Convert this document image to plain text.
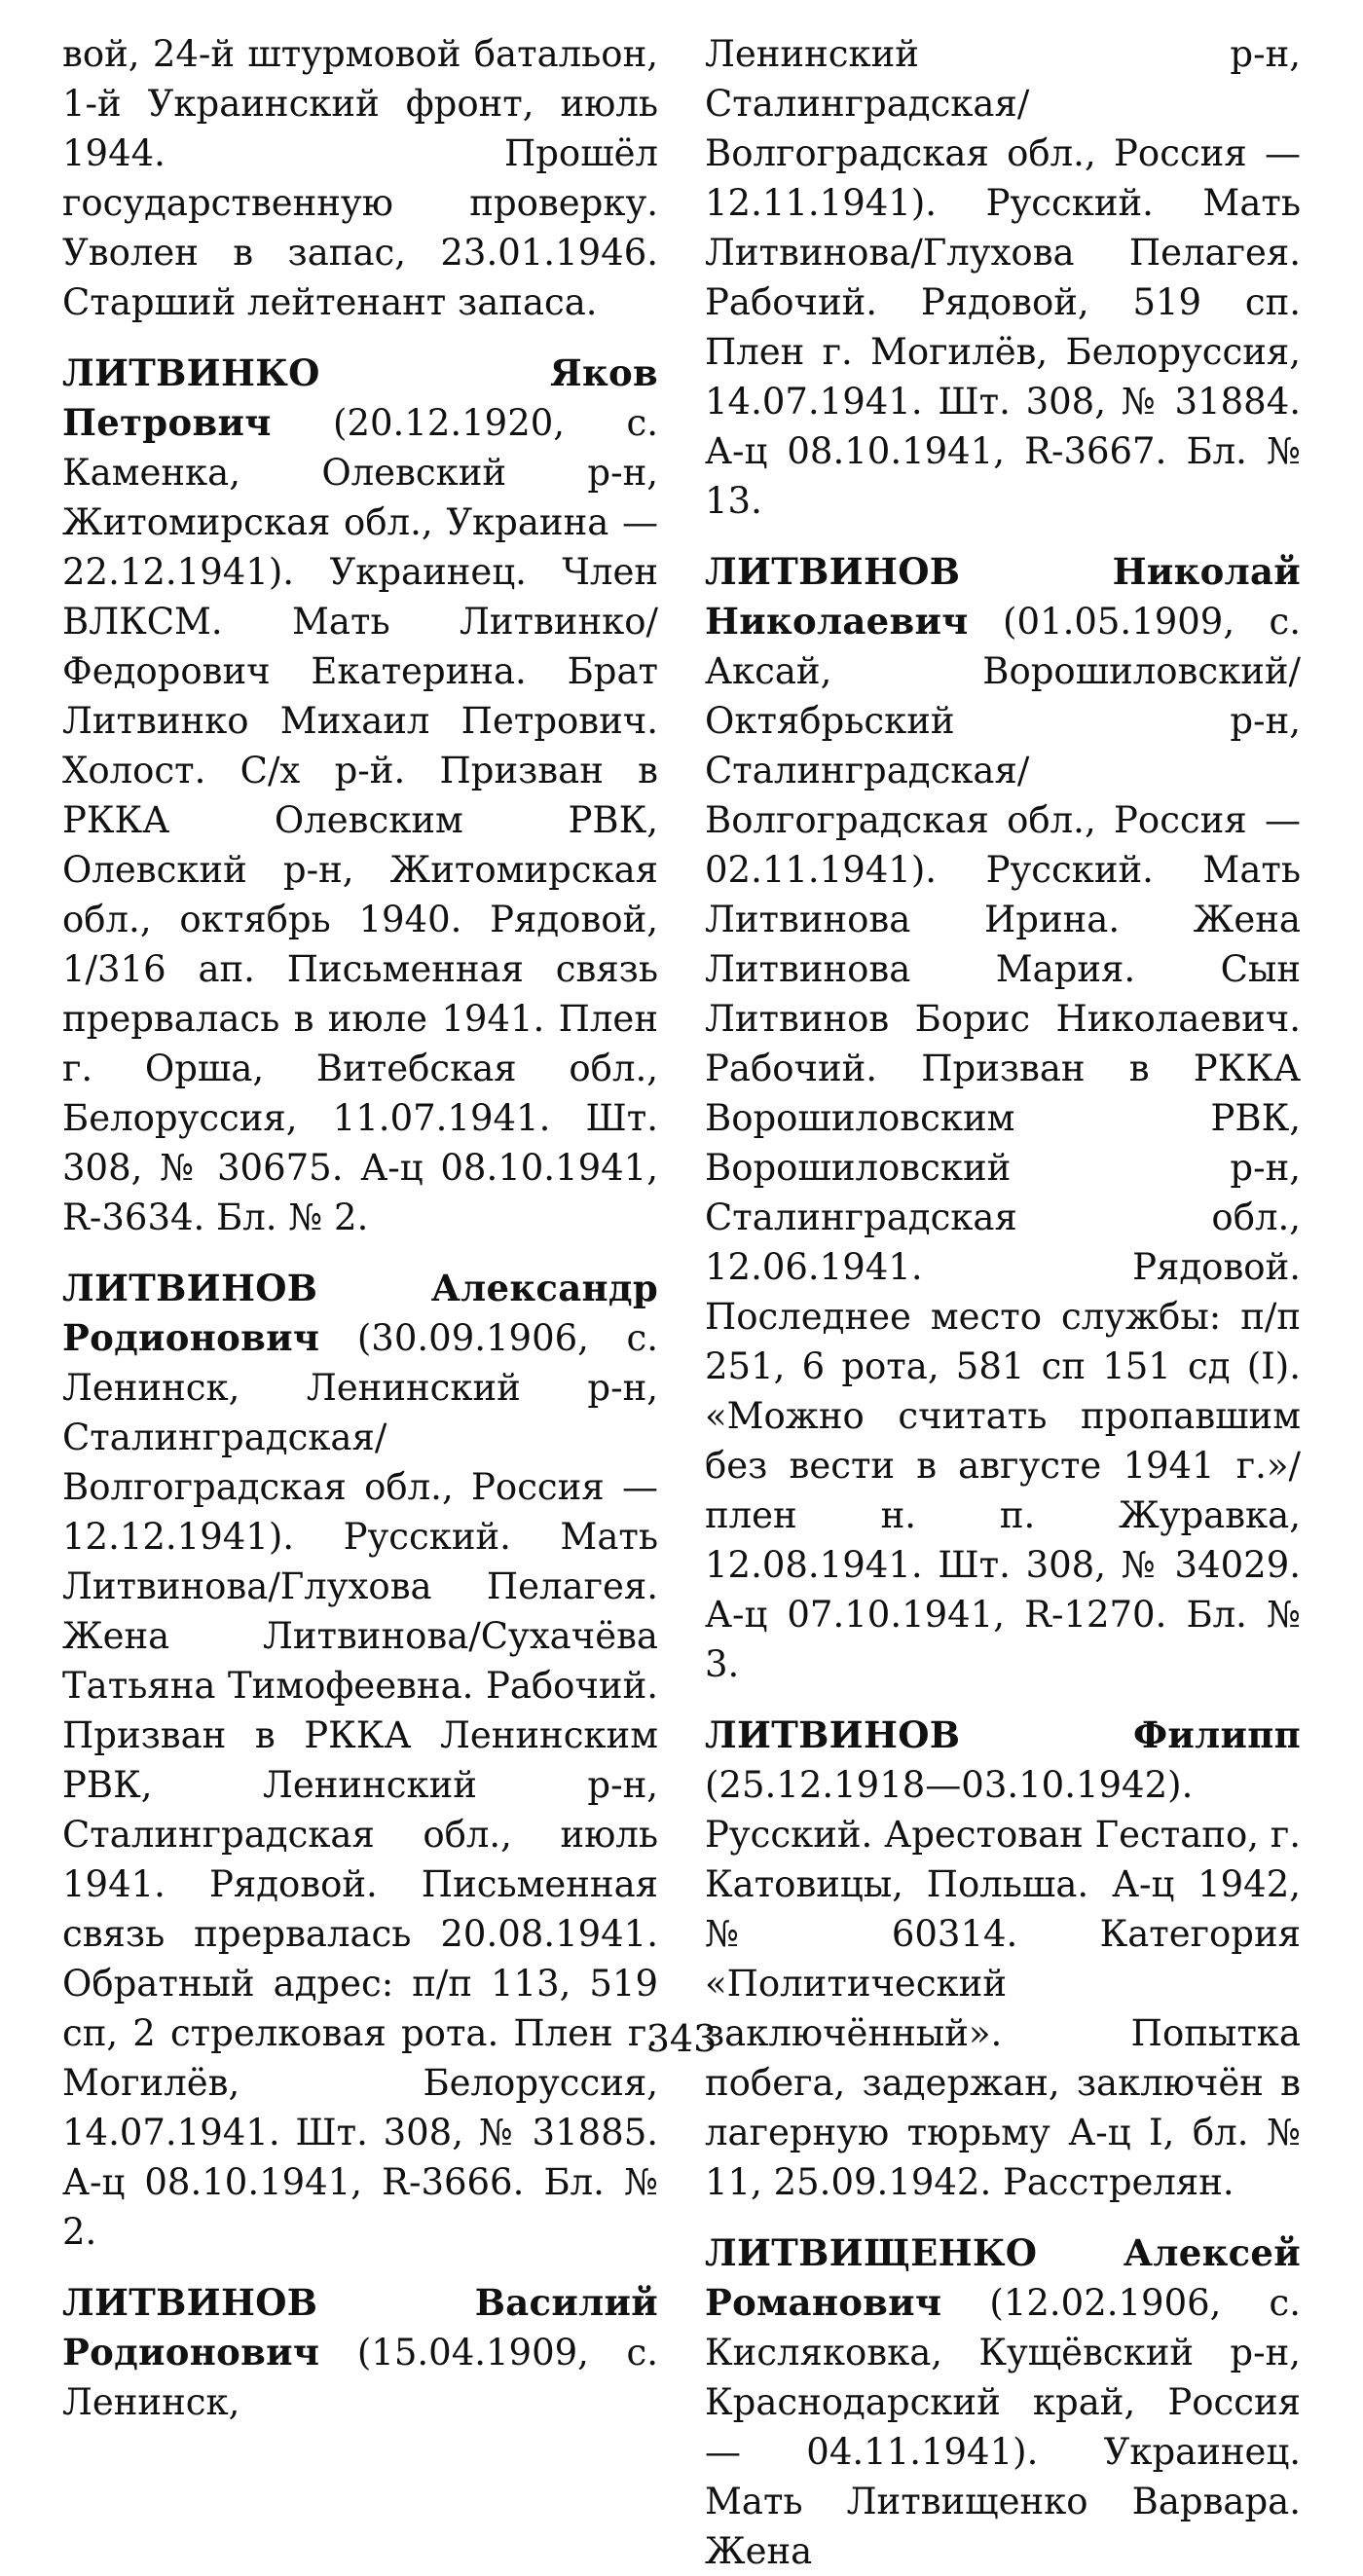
вой, 24-й штурмовой батальон, 1-й Украинский фронт, июль 1944. Прошёл государственную проверку. Уволен в запас, 23.01.1946. Старший лейтенант запаса.

ЛИТВИНКО Яков Петрович (20.12.1920, с. Каменка, Олевский р-н, Житомирская обл., Украина — 22.12.1941). Украинец. Член ВЛКСМ. Мать Литвинко/Федорович Екатерина. Брат Литвинко Михаил Петрович. Холост. С/х р-й. Призван в РККА Олевским РВК, Олевский р-н, Житомирская обл., октябрь 1940. Рядовой, 1/316 ап. Письменная связь прервалась в июле 1941. Плен г. Орша, Витебская обл., Белоруссия, 11.07.1941. Шт. 308, № 30675. А-ц 08.10.1941, R-3634. Бл. № 2.

ЛИТВИНОВ Александр Родионович (30.09.1906, с. Ленинск, Ленинский р-н, Сталинградская/Волгоградская обл., Россия — 12.12.1941). Русский. Мать Литвинова/Глухова Пелагея. Жена Литвинова/Сухачёва Татьяна Тимофеевна. Рабочий. Призван в РККА Ленинским РВК, Ленинский р-н, Сталинградская обл., июль 1941. Рядовой. Письменная связь прервалась 20.08.1941. Обратный адрес: п/п 113, 519 сп, 2 стрелковая рота. Плен г. Могилёв, Белоруссия, 14.07.1941. Шт. 308, № 31885. А-ц 08.10.1941, R-3666. Бл. № 2.

ЛИТВИНОВ Василий Родионович (15.04.1909, с. Ленинск,

Ленинский р-н, Сталинградская/Волгоградская обл., Россия — 12.11.1941). Русский. Мать Литвинова/Глухова Пелагея. Рабочий. Рядовой, 519 сп. Плен г. Могилёв, Белоруссия, 14.07.1941. Шт. 308, № 31884. А-ц 08.10.1941, R-3667. Бл. № 13.

ЛИТВИНОВ Николай Николаевич (01.05.1909, с. Аксай, Ворошиловский/Октябрьский р-н, Сталинградская/Волгоградская обл., Россия — 02.11.1941). Русский. Мать Литвинова Ирина. Жена Литвинова Мария. Сын Литвинов Борис Николаевич. Рабочий. Призван в РККА Ворошиловским РВК, Ворошиловский р-н, Сталинградская обл., 12.06.1941. Рядовой. Последнее место службы: п/п 251, 6 рота, 581 сп 151 сд (I). «Можно считать пропавшим без вести в августе 1941 г.»/плен н. п. Журавка, 12.08.1941. Шт. 308, № 34029. А-ц 07.10.1941, R-1270. Бл. № 3.

ЛИТВИНОВ Филипп (25.12.1918—03.10.1942). Русский. Арестован Гестапо, г. Катовицы, Польша. А-ц 1942, № 60314. Категория «Политический заключённый». Попытка побега, задержан, заключён в лагерную тюрьму А-ц I, бл. № 11, 25.09.1942. Расстрелян.

ЛИТВИЩЕНКО Алексей Романович (12.02.1906, с. Кисляковка, Кущёвский р-н, Краснодарский край, Россия — 04.11.1941). Украинец. Мать Литвищенко Варвара. Жена

343
